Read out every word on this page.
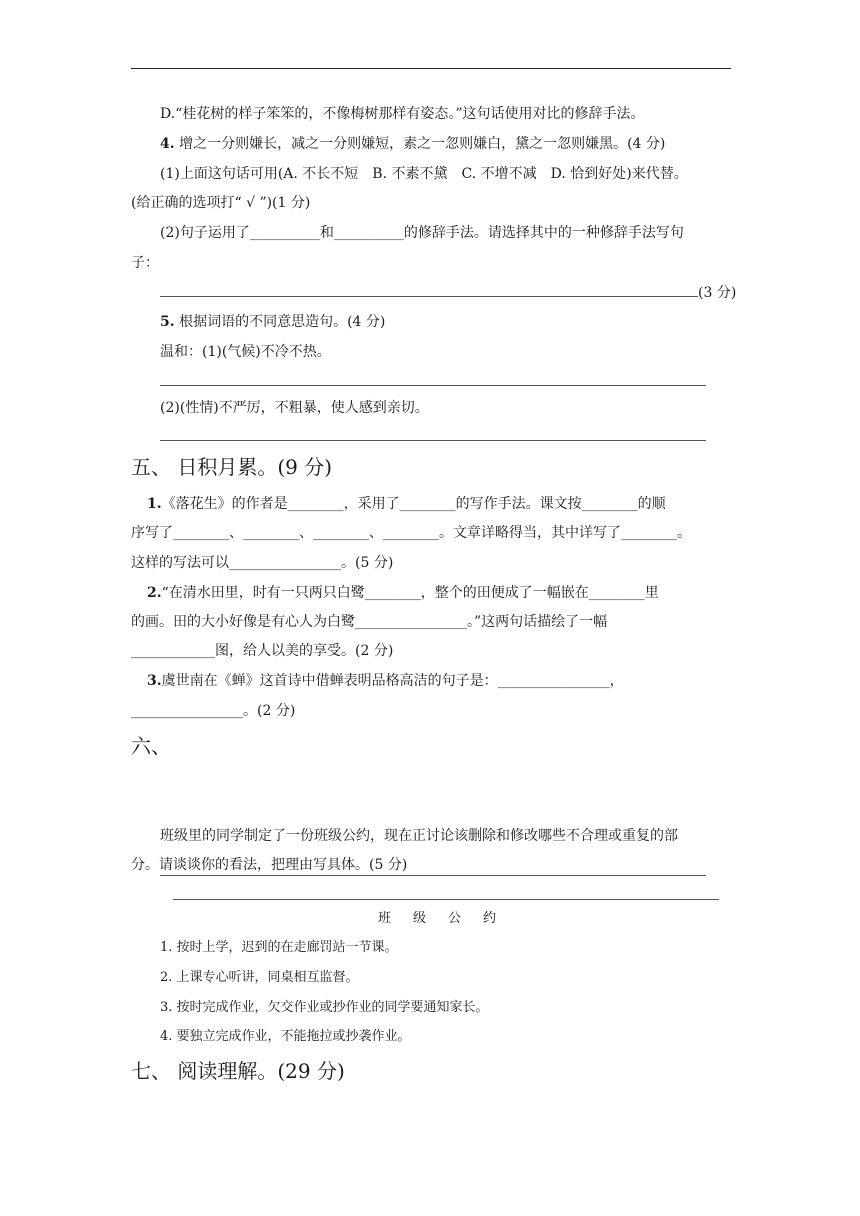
D.“桂花树的样子笨笨的，不像梅树那样有姿态。”这句话使用对比的修辞手法。
4. 增之一分则嫌长，减之一分则嫌短，素之一忽则嫌白，黛之一忽则嫌黑。(4 分)
(1)上面这句话可用(A. 不长不短　B. 不素不黛　C. 不增不减　D. 恰到好处)来代替。
(给正确的选项打“ √ ”)(1 分)
(2)句子运用了__________和__________的修辞手法。请选择其中的一种修辞手法写句
子：
(3 分)
5. 根据词语的不同意思造句。(4 分)
温和：(1)(气候)不冷不热。
(2)(性情)不严厉，不粗暴，使人感到亲切。
五、 日积月累。(9 分)
1.《落花生》的作者是________，采用了________的写作手法。课文按________的顺
序写了________、________、________、________。文章详略得当，其中详写了________。
这样的写法可以________________。(5 分)
2.“在清水田里，时有一只两只白鹭________，整个的田便成了一幅嵌在________里
的画。田的大小好像是有心人为白鹭________________。”这两句话描绘了一幅
____________图，给人以美的享受。(2 分)
3.虞世南在《蝉》这首诗中借蝉表明品格高洁的句子是：________________，
________________。(2 分)
六、
班级里的同学制定了一份班级公约，现在正讨论该删除和修改哪些不合理或重复的部
分。请谈谈你的看法，把理由写具体。(5 分)
班级公约
1. 按时上学，迟到的在走廊罚站一节课。
2. 上课专心听讲，同桌相互监督。
3. 按时完成作业，欠交作业或抄作业的同学要通知家长。
4. 要独立完成作业，不能拖拉或抄袭作业。
七、 阅读理解。(29 分)
